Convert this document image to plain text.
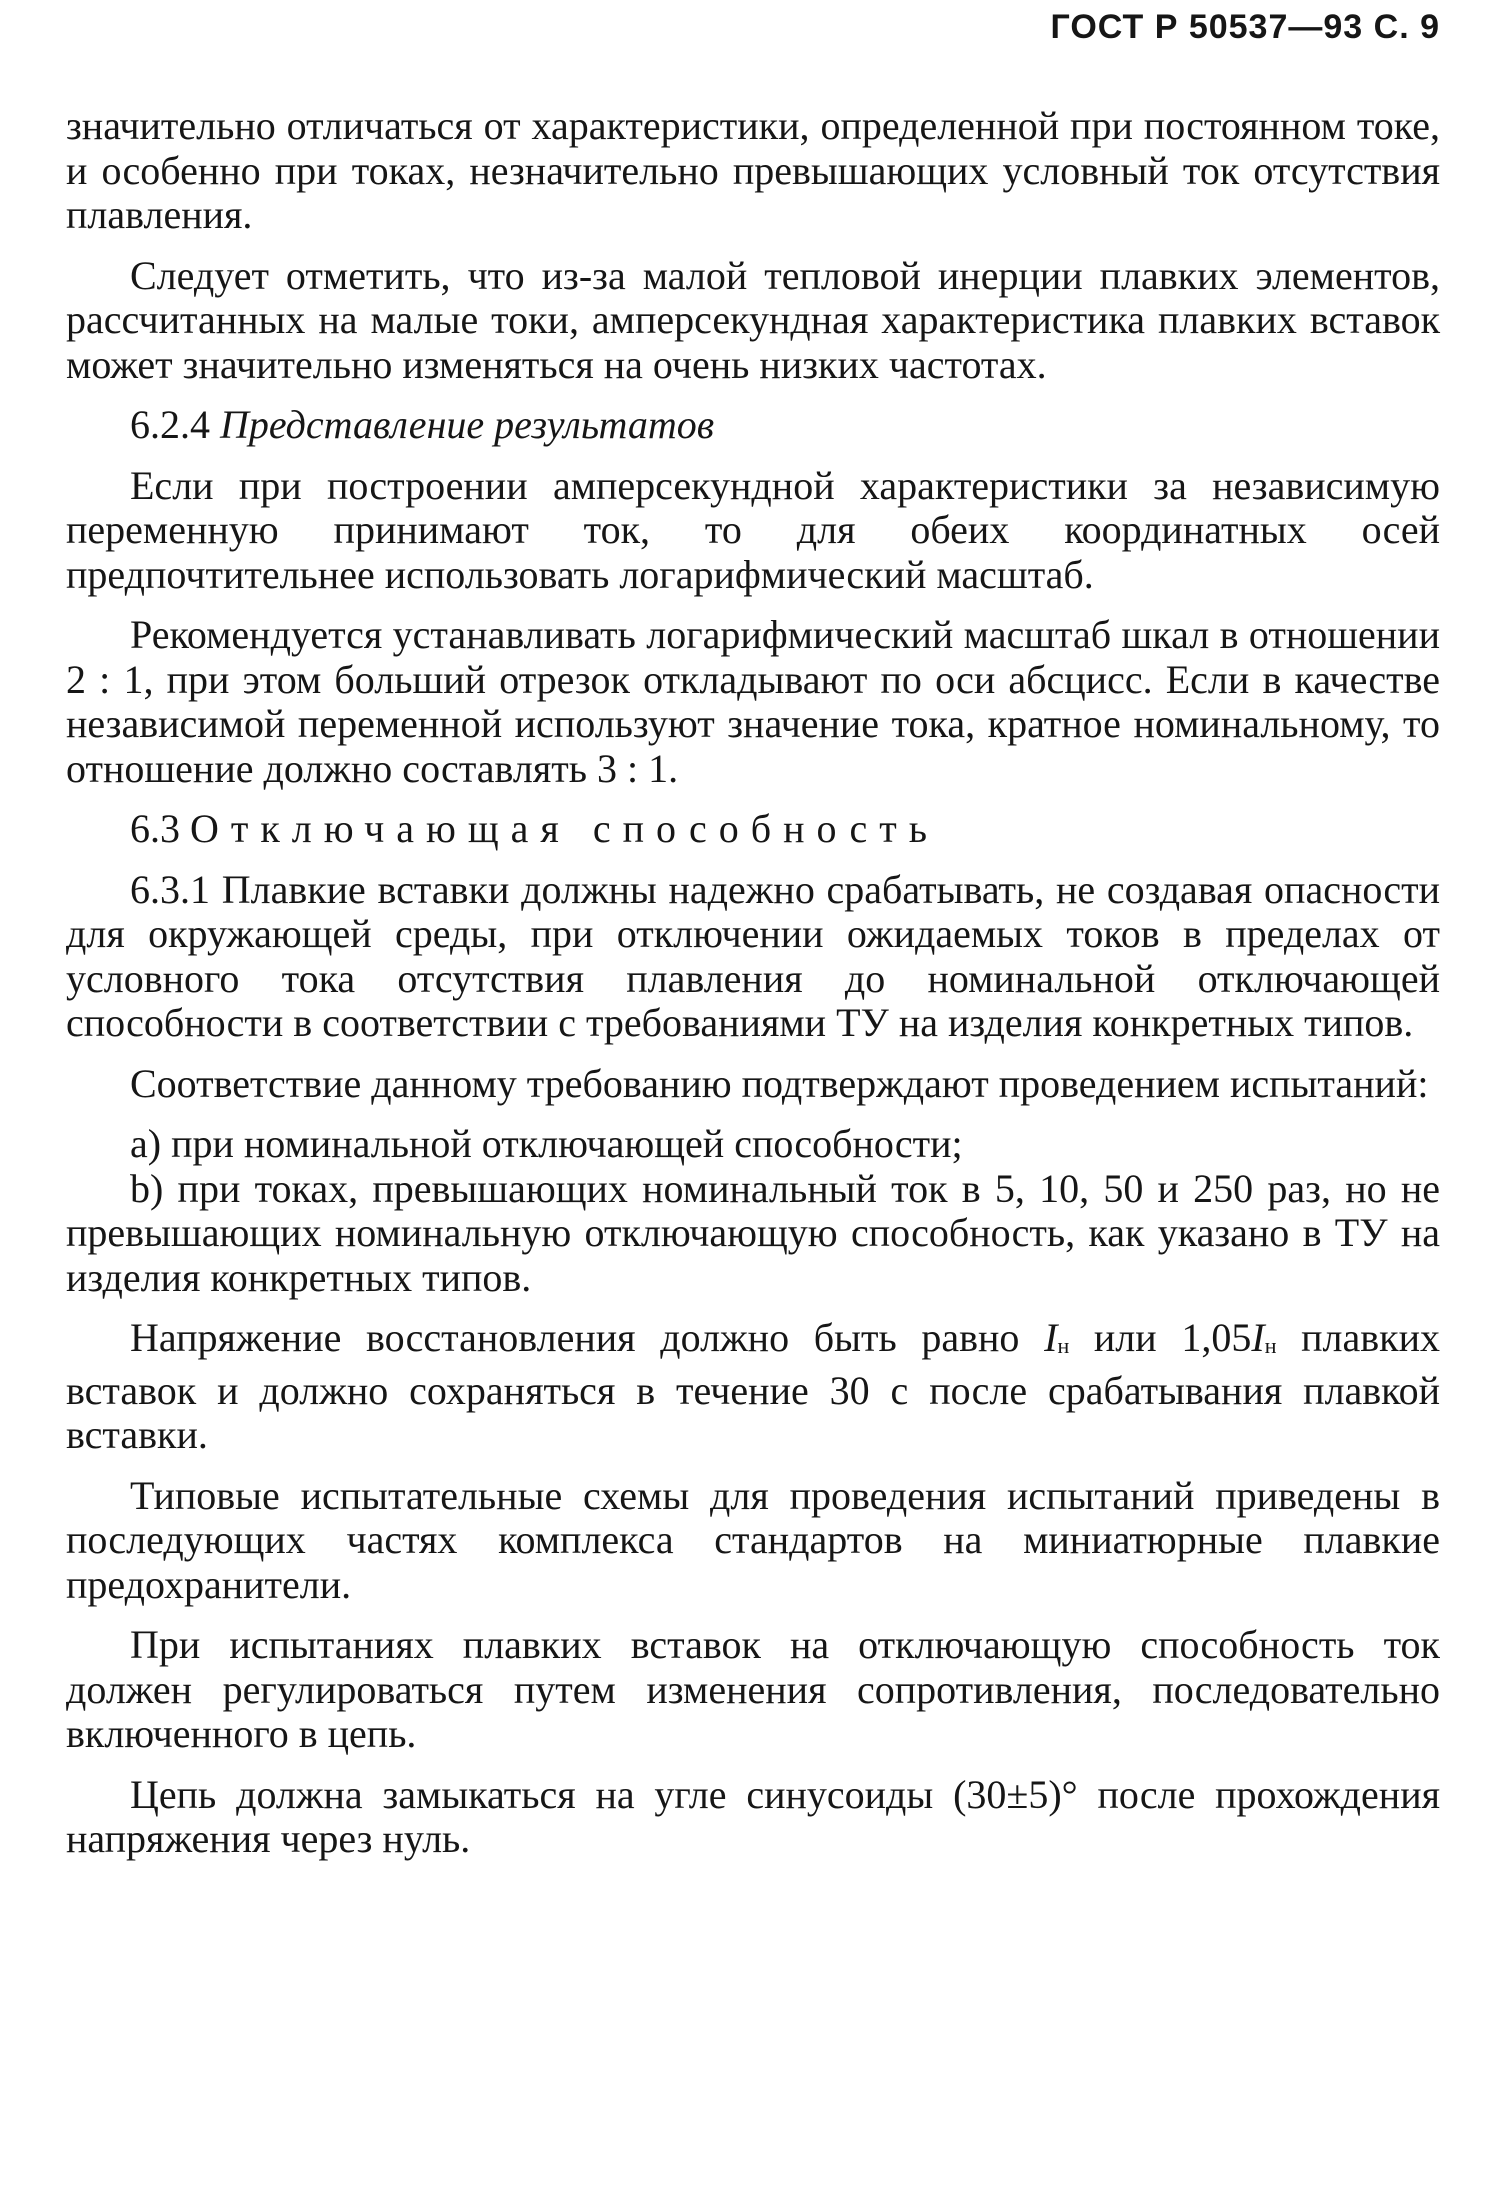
ГОСТ Р 50537—93 С. 9

значительно отличаться от характеристики, определенной при постоянном токе, и особенно при токах, незначительно превышающих условный ток отсутствия плавления.

Следует отметить, что из-за малой тепловой инерции плавких элементов, рассчитанных на малые токи, амперсекундная характеристика плавких вставок может значительно изменяться на очень низких частотах.

6.2.4 Представление результатов

Если при построении амперсекундной характеристики за независимую переменную принимают ток, то для обеих координатных осей предпочтительнее использовать логарифмический масштаб.

Рекомендуется устанавливать логарифмический масштаб шкал в отношении 2 : 1, при этом больший отрезок откладывают по оси абсцисс. Если в качестве независимой переменной используют значение тока, кратное номинальному, то отношение должно составлять 3 : 1.

6.3 Отключающая способность

6.3.1 Плавкие вставки должны надежно срабатывать, не создавая опасности для окружающей среды, при отключении ожидаемых токов в пределах от условного тока отсутствия плавления до номинальной отключающей способности в соответствии с требованиями ТУ на изделия конкретных типов.

Соответствие данному требованию подтверждают проведением испытаний:

а) при номинальной отключающей способности;

b) при токах, превышающих номинальный ток в 5, 10, 50 и 250 раз, но не превышающих номинальную отключающую способность, как указано в ТУ на изделия конкретных типов.

Напряжение восстановления должно быть равно $I_н$ или $1,05I_н$ плавких вставок и должно сохраняться в течение 30 с после срабатывания плавкой вставки.

Типовые испытательные схемы для проведения испытаний приведены в последующих частях комплекса стандартов на миниатюрные плавкие предохранители.

При испытаниях плавких вставок на отключающую способность ток должен регулироваться путем изменения сопротивления, последовательно включенного в цепь.

Цепь должна замыкаться на угле синусоиды (30±5)° после прохождения напряжения через нуль.
